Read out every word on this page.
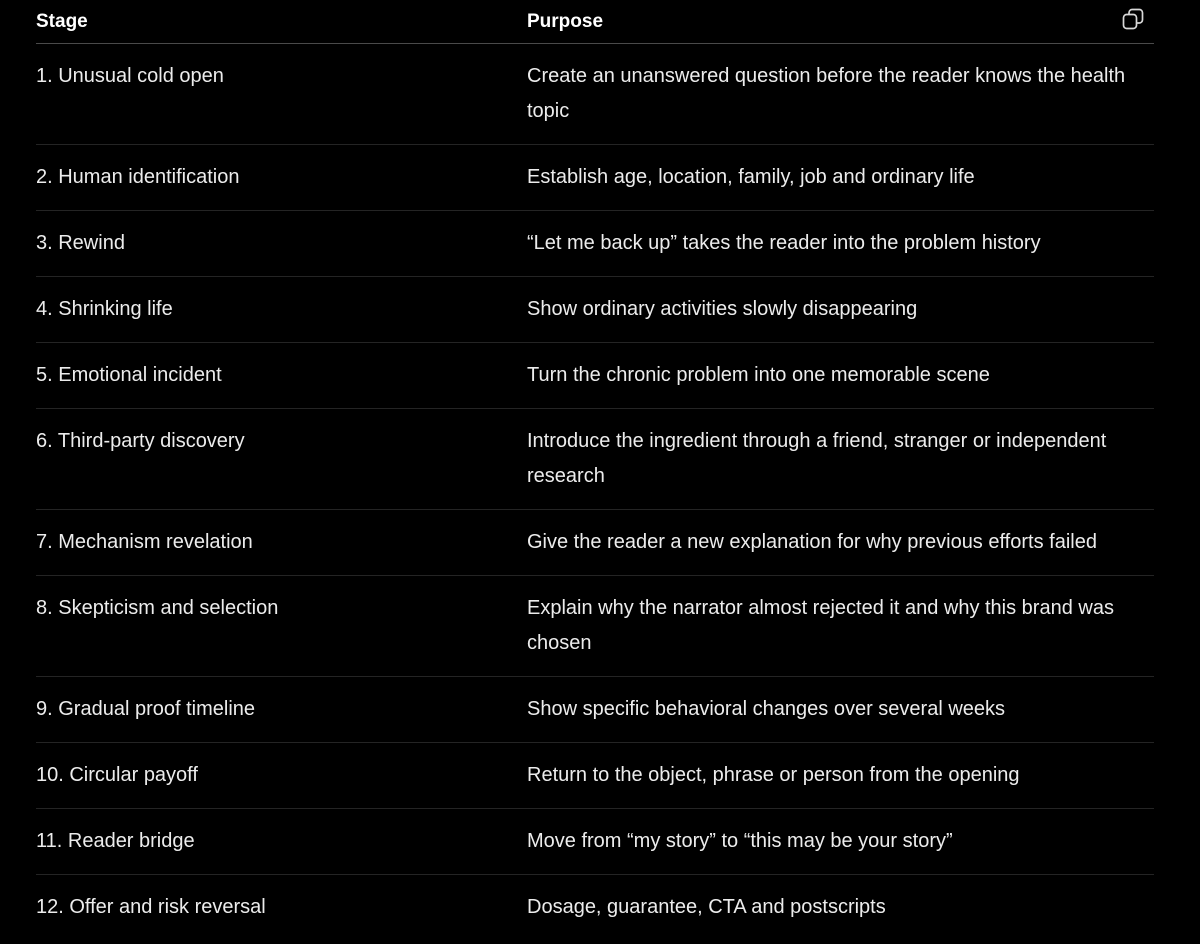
Stage	Purpose
1. Unusual cold open	Create an unanswered question before the reader knows the health topic
2. Human identification	Establish age, location, family, job and ordinary life
3. Rewind	“Let me back up” takes the reader into the problem history
4. Shrinking life	Show ordinary activities slowly disappearing
5. Emotional incident	Turn the chronic problem into one memorable scene
6. Third-party discovery	Introduce the ingredient through a friend, stranger or independent research
7. Mechanism revelation	Give the reader a new explanation for why previous efforts failed
8. Skepticism and selection	Explain why the narrator almost rejected it and why this brand was chosen
9. Gradual proof timeline	Show specific behavioral changes over several weeks
10. Circular payoff	Return to the object, phrase or person from the opening
11. Reader bridge	Move from “my story” to “this may be your story”
12. Offer and risk reversal	Dosage, guarantee, CTA and postscripts
